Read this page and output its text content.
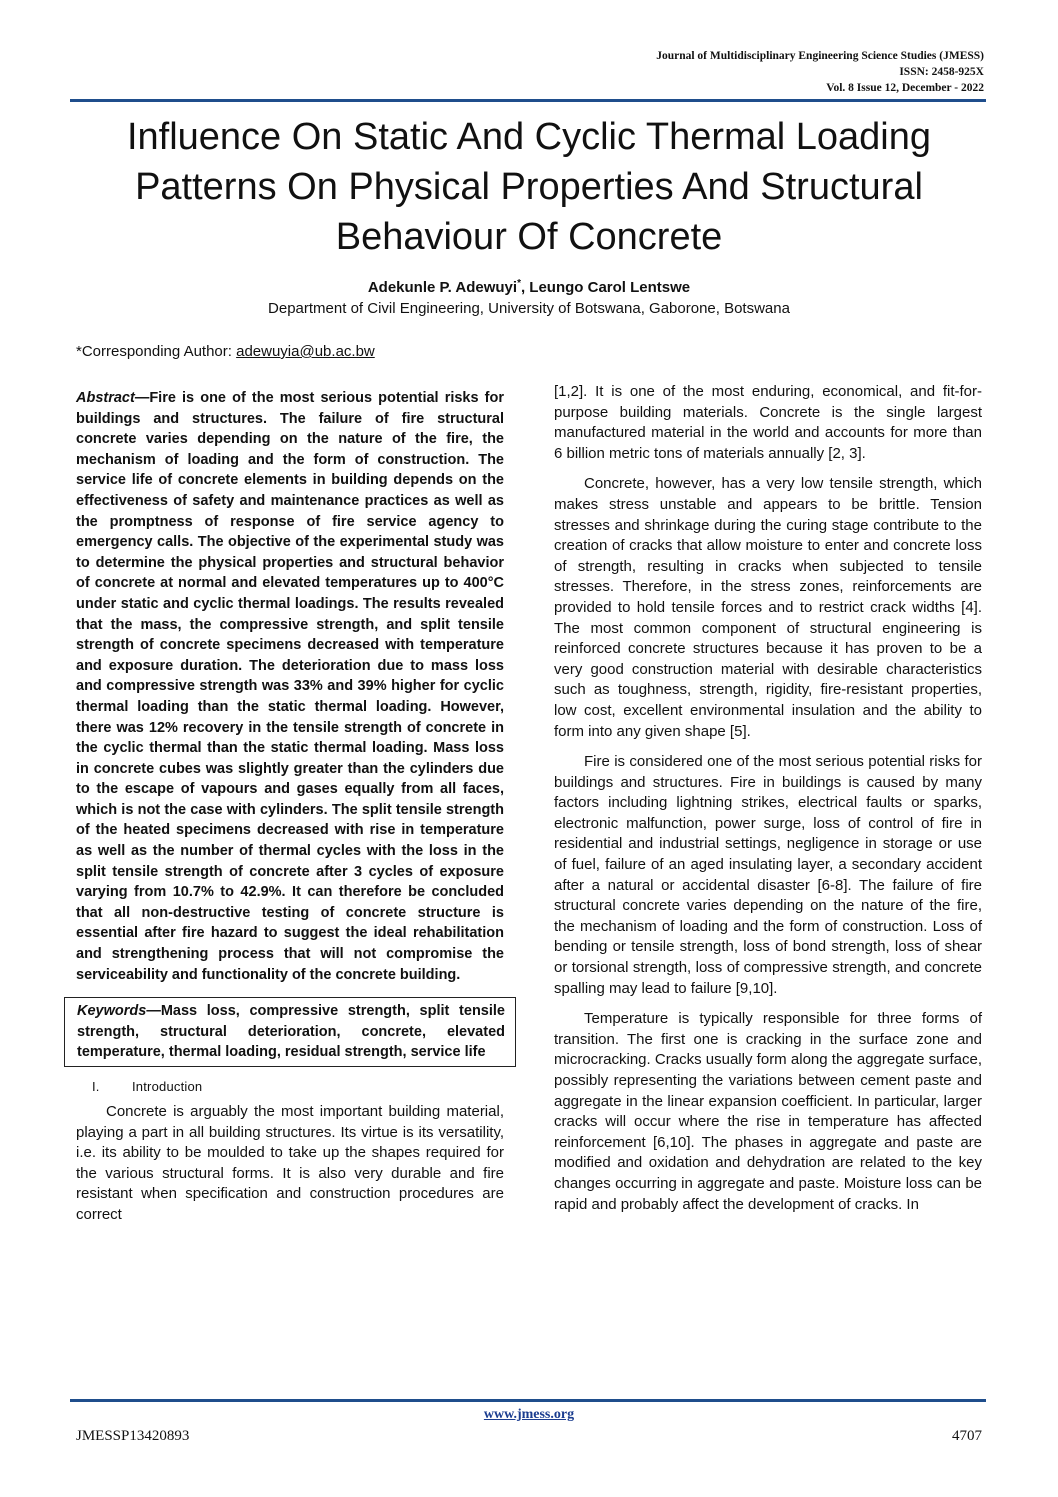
Journal of Multidisciplinary Engineering Science Studies (JMESS)
ISSN: 2458-925X
Vol. 8 Issue 12, December - 2022
Influence On Static And Cyclic Thermal Loading Patterns On Physical Properties And Structural Behaviour Of Concrete
Adekunle P. Adewuyi*, Leungo Carol Lentswe
Department of Civil Engineering, University of Botswana, Gaborone, Botswana
*Corresponding Author: adewuyia@ub.ac.bw

Abstract—Fire is one of the most serious potential risks for buildings and structures. The failure of fire structural concrete varies depending on the nature of the fire, the mechanism of loading and the form of construction. The service life of concrete elements in building depends on the effectiveness of safety and maintenance practices as well as the promptness of response of fire service agency to emergency calls. The objective of the experimental study was to determine the physical properties and structural behavior of concrete at normal and elevated temperatures up to 400°C under static and cyclic thermal loadings. The results revealed that the mass, the compressive strength, and split tensile strength of concrete specimens decreased with temperature and exposure duration. The deterioration due to mass loss and compressive strength was 33% and 39% higher for cyclic thermal loading than the static thermal loading. However, there was 12% recovery in the tensile strength of concrete in the cyclic thermal than the static thermal loading. Mass loss in concrete cubes was slightly greater than the cylinders due to the escape of vapours and gases equally from all faces, which is not the case with cylinders. The split tensile strength of the heated specimens decreased with rise in temperature as well as the number of thermal cycles with the loss in the split tensile strength of concrete after 3 cycles of exposure varying from 10.7% to 42.9%. It can therefore be concluded that all non-destructive testing of concrete structure is essential after fire hazard to suggest the ideal rehabilitation and strengthening process that will not compromise the serviceability and functionality of the concrete building.

Keywords—Mass loss, compressive strength, split tensile strength, structural deterioration, concrete, elevated temperature, thermal loading, residual strength, service life

I. Introduction

Concrete is arguably the most important building material, playing a part in all building structures. Its virtue is its versatility, i.e. its ability to be moulded to take up the shapes required for the various structural forms. It is also very durable and fire resistant when specification and construction procedures are correct

[1,2]. It is one of the most enduring, economical, and fit-for-purpose building materials. Concrete is the single largest manufactured material in the world and accounts for more than 6 billion metric tons of materials annually [2, 3].

Concrete, however, has a very low tensile strength, which makes stress unstable and appears to be brittle. Tension stresses and shrinkage during the curing stage contribute to the creation of cracks that allow moisture to enter and concrete loss of strength, resulting in cracks when subjected to tensile stresses. Therefore, in the stress zones, reinforcements are provided to hold tensile forces and to restrict crack widths [4]. The most common component of structural engineering is reinforced concrete structures because it has proven to be a very good construction material with desirable characteristics such as toughness, strength, rigidity, fire-resistant properties, low cost, excellent environmental insulation and the ability to form into any given shape [5].

Fire is considered one of the most serious potential risks for buildings and structures. Fire in buildings is caused by many factors including lightning strikes, electrical faults or sparks, electronic malfunction, power surge, loss of control of fire in residential and industrial settings, negligence in storage or use of fuel, failure of an aged insulating layer, a secondary accident after a natural or accidental disaster [6-8]. The failure of fire structural concrete varies depending on the nature of the fire, the mechanism of loading and the form of construction. Loss of bending or tensile strength, loss of bond strength, loss of shear or torsional strength, loss of compressive strength, and concrete spalling may lead to failure [9,10].

Temperature is typically responsible for three forms of transition. The first one is cracking in the surface zone and microcracking. Cracks usually form along the aggregate surface, possibly representing the variations between cement paste and aggregate in the linear expansion coefficient. In particular, larger cracks will occur where the rise in temperature has affected reinforcement [6,10]. The phases in aggregate and paste are modified and oxidation and dehydration are related to the key changes occurring in aggregate and paste. Moisture loss can be rapid and probably affect the development of cracks. In

www.jmess.org
JMESSP13420893	4707
